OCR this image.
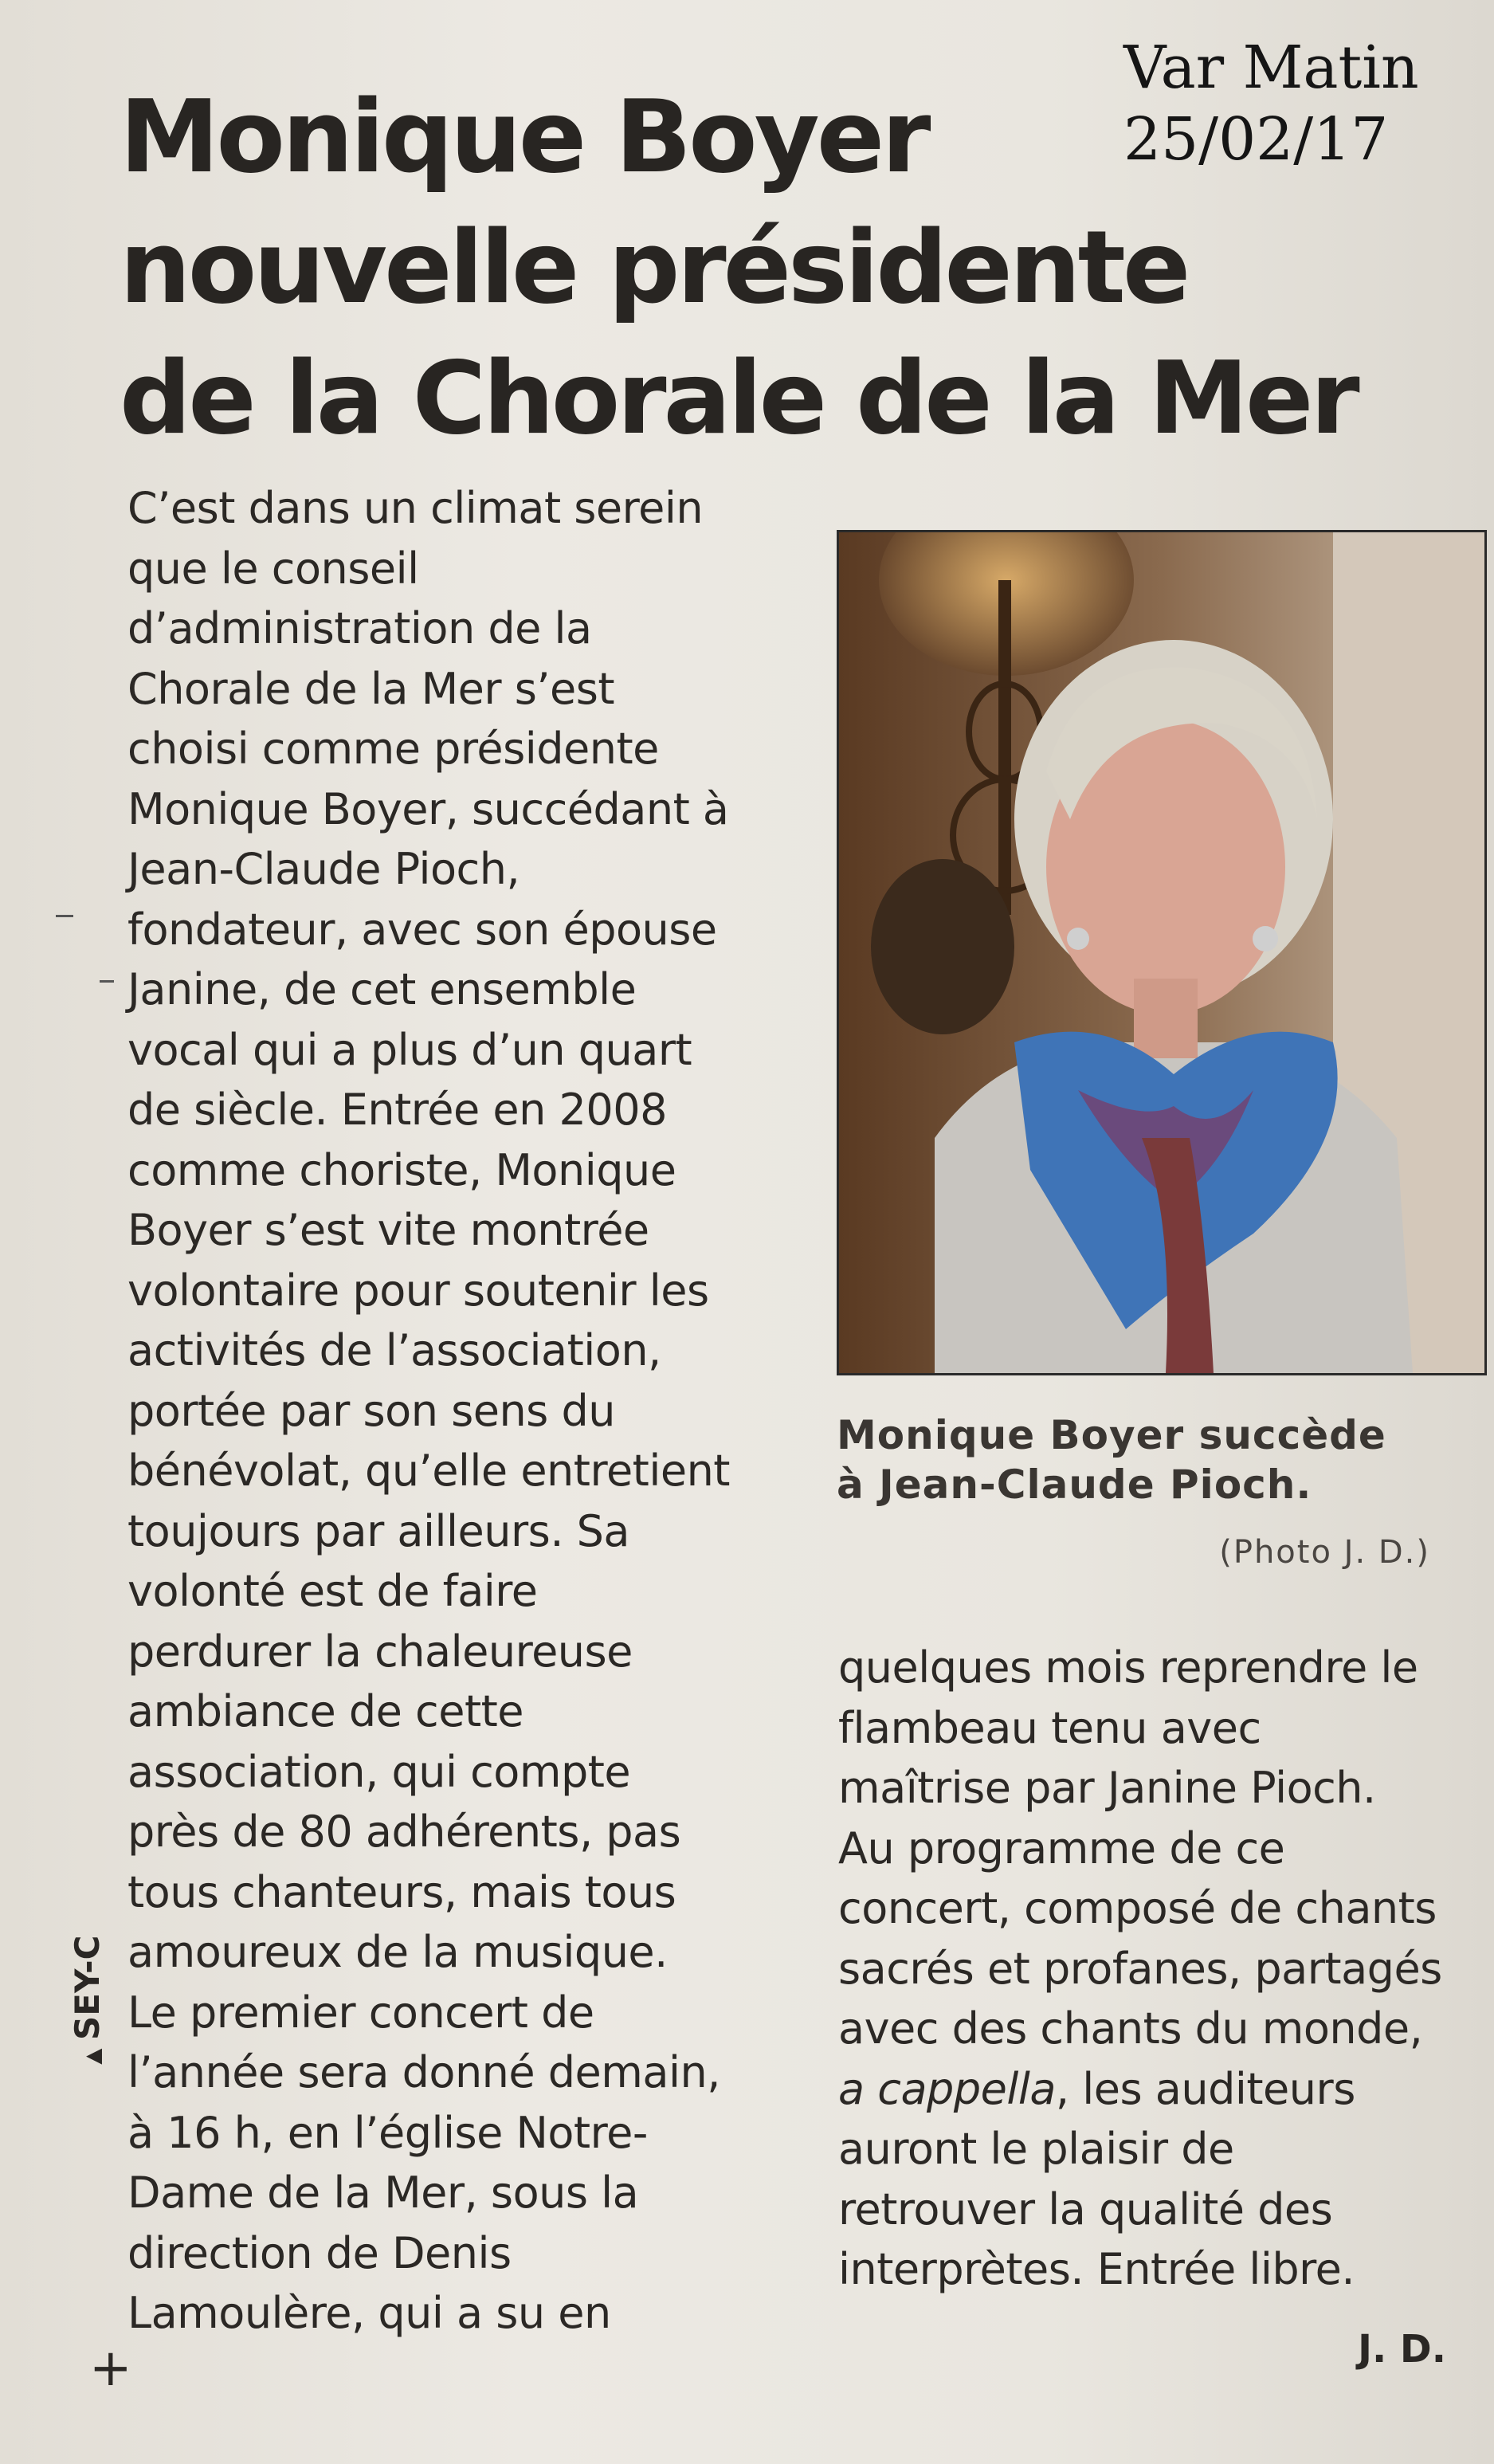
Var Matin
25/02/17
Monique Boyer
nouvelle présidente
de la Chorale de la Mer
C’est dans un climat serein
que le conseil
d’administration de la
Chorale de la Mer s’est
choisi comme présidente
Monique Boyer, succédant à
Jean-Claude Pioch,
fondateur, avec son épouse
Janine, de cet ensemble
vocal qui a plus d’un quart
de siècle. Entrée en 2008
comme choriste, Monique
Boyer s’est vite montrée
volontaire pour soutenir les
activités de l’association,
portée par son sens du
bénévolat, qu’elle entretient
toujours par ailleurs. Sa
volonté est de faire
perdurer la chaleureuse
ambiance de cette
association, qui compte
près de 80 adhérents, pas
tous chanteurs, mais tous
amoureux de la musique.
Le premier concert de
l’année sera donné demain,
à 16 h, en l’église Notre-
Dame de la Mer, sous la
direction de Denis
Lamoulère, qui a su en
Monique Boyer succède
à Jean-Claude Pioch.
(Photo J. D.)
quelques mois reprendre le
flambeau tenu avec
maîtrise par Janine Pioch.
Au programme de ce
concert, composé de chants
sacrés et profanes, partagés
avec des chants du monde,
a cappella, les auditeurs
auront le plaisir de
retrouver la qualité des
interprètes. Entrée libre.
J. D.
SEY-C
◂
+
